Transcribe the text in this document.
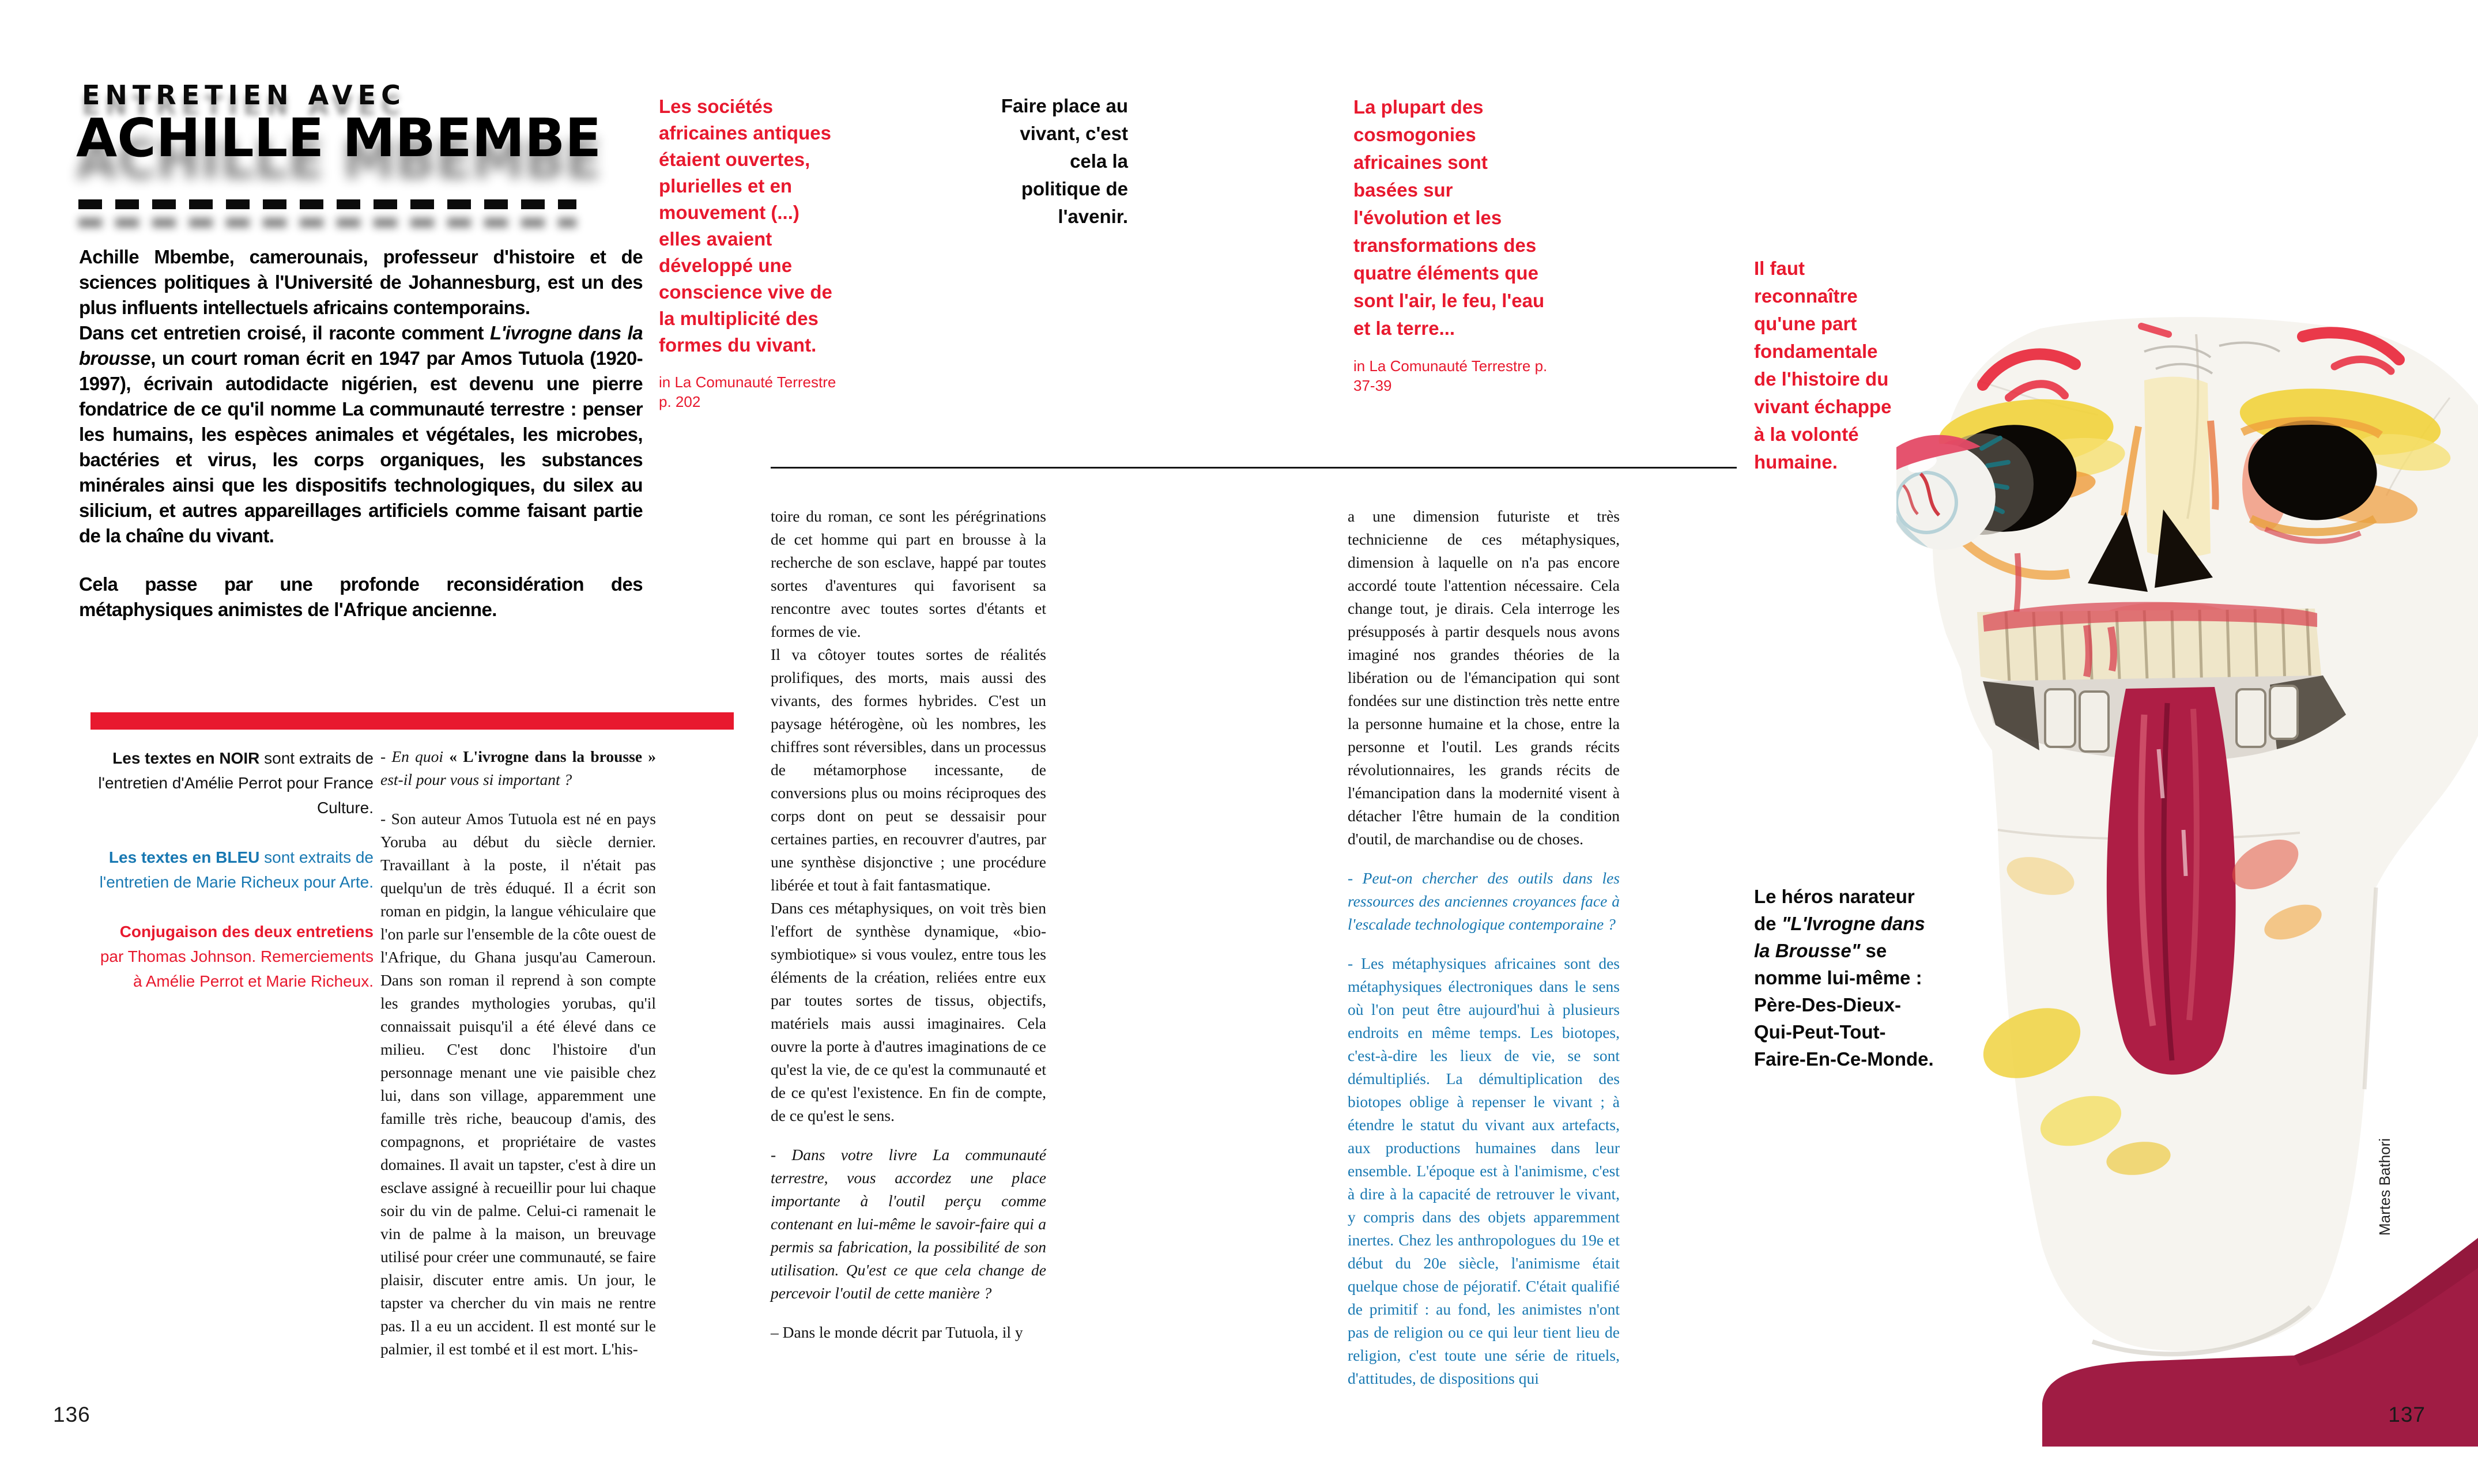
ENTRETIEN AVEC
ACHILLE MBEMBE

Achille Mbembe, camerounais, professeur d'histoire et de sciences politiques à l'Université de Johannesburg, est un des plus influents intellectuels africains contemporains.

Dans cet entretien croisé, il raconte comment L'ivrogne dans la brousse, un court roman écrit en 1947 par Amos Tutuola (1920-1997), écrivain autodidacte nigérien, est devenu une pierre fondatrice de ce qu'il nomme La communauté terrestre : penser les humains, les espèces animales et végétales, les microbes, bactéries et virus, les corps organiques, les substances minérales ainsi que les dispositifs technologiques, du silex au silicium, et autres appareillages artificiels comme faisant partie de la chaîne du vivant.

Cela passe par une profonde reconsidération des métaphysiques animistes de l'Afrique ancienne.

Les textes en NOIR sont extraits de l'entretien d'Amélie Perrot pour France Culture.

Les textes en BLEU sont extraits de l'entretien de Marie Richeux pour Arte.

Conjugaison des deux entretiens par Thomas Johnson. Remerciements à Amélie Perrot et Marie Richeux.

Les sociétés africaines antiques étaient ouvertes, plurielles et en mouvement (...) elles avaient développé une conscience vive de la multiplicité des formes du vivant.

in La Comunauté Terrestre p. 202
Faire place au vivant, c'est cela la politique de l'avenir.

La plupart des cosmogonies africaines sont basées sur l'évolution et les transformations des quatre éléments que sont l'air, le feu, l'eau et la terre...

in La Comunauté Terrestre p. 37-39
Il faut reconnaître qu'une part fondamentale de l'histoire du vivant échappe à la volonté humaine.
Le héros narateur de "L'Ivrogne dans la Brousse" se nomme lui-même : Père-Des-Dieux-Qui-Peut-Tout-Faire-En-Ce-Monde.

- En quoi « L'ivrogne dans la brousse » est-il pour vous si important ?

- Son auteur Amos Tutuola est né en pays Yoruba au début du siècle dernier. Travaillant à la poste, il n'était pas quelqu'un de très éduqué. Il a écrit son roman en pidgin, la langue véhiculaire que l'on parle sur l'ensemble de la côte ouest de l'Afrique, du Ghana jusqu'au Cameroun. Dans son roman il reprend à son compte les grandes mythologies yorubas, qu'il connaissait puisqu'il a été élevé dans ce milieu. C'est donc l'histoire d'un personnage menant une vie paisible chez lui, dans son village, apparemment une famille très riche, beaucoup d'amis, des compagnons, et propriétaire de vastes domaines. Il avait un tapster, c'est à dire un esclave assigné à recueillir pour lui chaque soir du vin de palme. Celui-ci ramenait le vin de palme à la maison, un breuvage utilisé pour créer une communauté, se faire plaisir, discuter entre amis. Un jour, le tapster va chercher du vin mais ne rentre pas. Il a eu un accident. Il est monté sur le palmier, il est tombé et il est mort. L'his-

toire du roman, ce sont les pérégrinations de cet homme qui part en brousse à la recherche de son esclave, happé par toutes sortes d'aventures qui favorisent sa rencontre avec toutes sortes d'étants et formes de vie.

Il va côtoyer toutes sortes de réalités prolifiques, des morts, mais aussi des vivants, des formes hybrides. C'est un paysage hétérogène, où les nombres, les chiffres sont réversibles, dans un processus de métamorphose incessante, de conversions plus ou moins réciproques des corps dont on peut se dessaisir pour certaines parties, en recouvrer d'autres, par une synthèse disjonctive ; une procédure libérée et tout à fait fantasmatique.

Dans ces métaphysiques, on voit très bien l'effort de synthèse dynamique, «bio-symbiotique» si vous voulez, entre tous les éléments de la création, reliées entre eux par toutes sortes de tissus, objectifs, matériels mais aussi imaginaires. Cela ouvre la porte à d'autres imaginations de ce qu'est la vie, de ce qu'est la communauté et de ce qu'est l'existence. En fin de compte, de ce qu'est le sens.

- Dans votre livre La communauté terrestre, vous accordez une place importante à l'outil perçu comme contenant en lui-même le savoir-faire qui a permis sa fabrication, la possibilité de son utilisation. Qu'est ce que cela change de percevoir l'outil de cette manière ?

– Dans le monde décrit par Tutuola, il y

a une dimension futuriste et très technicienne de ces métaphysiques, dimension à laquelle on n'a pas encore accordé toute l'attention nécessaire. Cela change tout, je dirais. Cela interroge les présupposés à partir desquels nous avons imaginé nos grandes théories de la libération ou de l'émancipation qui sont fondées sur une distinction très nette entre la personne humaine et la chose, entre la personne et l'outil. Les grands récits révolutionnaires, les grands récits de l'émancipation dans la modernité visent à détacher l'être humain de la condition d'outil, de marchandise ou de choses.

- Peut-on chercher des outils dans les ressources des anciennes croyances face à l'escalade technologique contemporaine ?

- Les métaphysiques africaines sont des métaphysiques électroniques dans le sens où l'on peut être aujourd'hui à plusieurs endroits en même temps. Les biotopes, c'est-à-dire les lieux de vie, se sont démultipliés. La démultiplication des biotopes oblige à repenser le vivant ; à étendre le statut du vivant aux artefacts, aux productions humaines dans leur ensemble. L'époque est à l'animisme, c'est à dire à la capacité de retrouver le vivant, y compris dans des objets apparemment inertes. Chez les anthropologues du 19e et début du 20e siècle, l'animisme était quelque chose de péjoratif. C'était qualifié de primitif : au fond, les animistes n'ont pas de religion ou ce qui leur tient lieu de religion, c'est toute une série de rituels, d'attitudes, de dispositions qui

Martes Bathori
136	137
